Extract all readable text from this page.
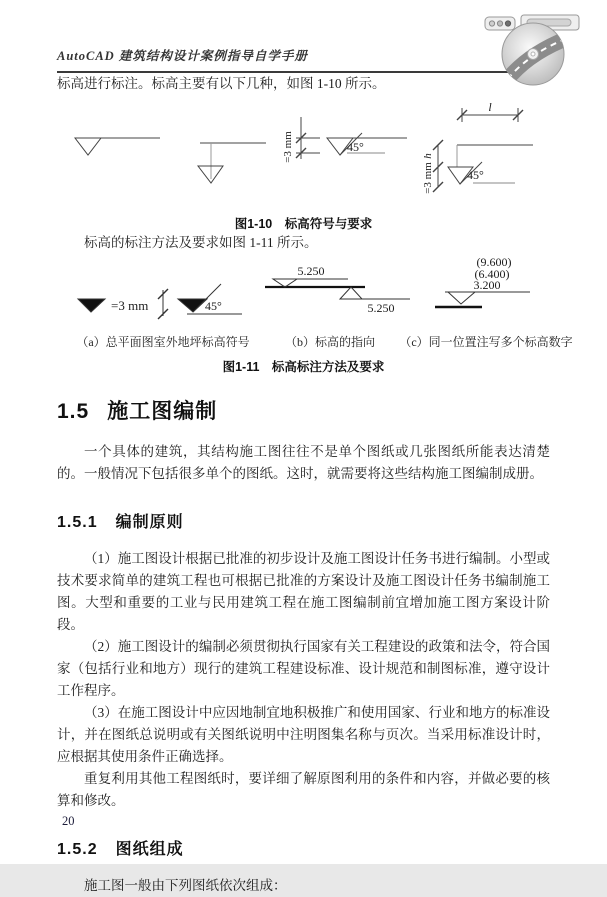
AutoCAD 建筑结构设计案例指导自学手册

标高进行标注。标高主要有以下几种，如图 1-10 所示。

=3 mm	45°
l
h
=3 mm	45°

图1-10　标高符号与要求

标高的标注方法及要求如图 1-11 所示。

=3 mm	45°
5.250
5.250
(9.600)
(6.400)
3.200
（a）总平面图室外地坪标高符号	（b）标高的指向 （c）同一位置注写多个标高数字

图1-11　标高标注方法及要求

1.5 施工图编制

一个具体的建筑，其结构施工图往往不是单个图纸或几张图纸所能表达清楚的。一般情况下包括很多单个的图纸。这时，就需要将这些结构施工图编制成册。

1.5.1 编制原则

（1）施工图设计根据已批准的初步设计及施工图设计任务书进行编制。小型或技术要求简单的建筑工程也可根据已批准的方案设计及施工图设计任务书编制施工图。大型和重要的工业与民用建筑工程在施工图编制前宜增加施工图方案设计阶段。

（2）施工图设计的编制必须贯彻执行国家有关工程建设的政策和法令，符合国家（包括行业和地方）现行的建筑工程建设标准、设计规范和制图标准，遵守设计工作程序。

（3）在施工图设计中应因地制宜地积极推广和使用国家、行业和地方的标准设计，并在图纸总说明或有关图纸说明中注明图集名称与页次。当采用标准设计时，应根据其使用条件正确选择。

重复利用其他工程图纸时，要详细了解原图利用的条件和内容，并做必要的核算和修改。

1.5.2 图纸组成

施工图一般由下列图纸依次组成：

20
